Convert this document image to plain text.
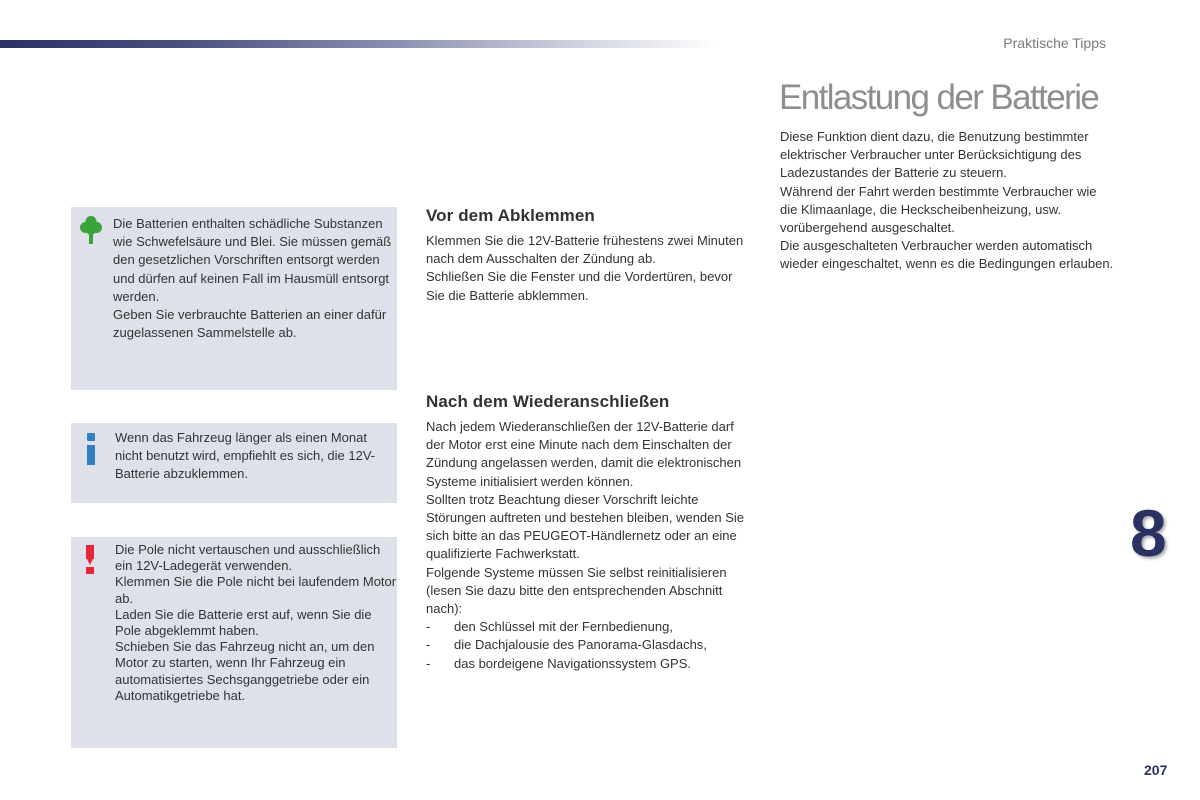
Praktische Tipps
Entlastung der Batterie

Diese Funktion dient dazu, die Benutzung bestimmter elektrischer Verbraucher unter Berücksichtigung des Ladezustandes der Batterie zu steuern.

Während der Fahrt werden bestimmte Verbraucher wie die Klimaanlage, die Heckscheibenheizung, usw. vorübergehend ausgeschaltet.

Die ausgeschalteten Verbraucher werden automatisch wieder eingeschaltet, wenn es die Bedingungen erlauben.

Die Batterien enthalten schädliche Substanzen wie Schwefelsäure und Blei. Sie müssen gemäß den gesetzlichen Vorschriften entsorgt werden und dürfen auf keinen Fall im Hausmüll entsorgt werden.

Geben Sie verbrauchte Batterien an einer dafür zugelassenen Sammelstelle ab.

Wenn das Fahrzeug länger als einen Monat nicht benutzt wird, empfiehlt es sich, die 12V-Batterie abzuklemmen.

Die Pole nicht vertauschen und ausschließlich ein 12V-Ladegerät verwenden.

Klemmen Sie die Pole nicht bei laufendem Motor ab.

Laden Sie die Batterie erst auf, wenn Sie die Pole abgeklemmt haben.

Schieben Sie das Fahrzeug nicht an, um den Motor zu starten, wenn Ihr Fahrzeug ein automatisiertes Sechsganggetriebe oder ein Automatikgetriebe hat.

Vor dem Abklemmen

Klemmen Sie die 12V-Batterie frühestens zwei Minuten nach dem Ausschalten der Zündung ab.

Schließen Sie die Fenster und die Vordertüren, bevor Sie die Batterie abklemmen.

Nach dem Wiederanschließen

Nach jedem Wiederanschließen der 12V-Batterie darf der Motor erst eine Minute nach dem Einschalten der Zündung angelassen werden, damit die elektronischen Systeme initialisiert werden können.

Sollten trotz Beachtung dieser Vorschrift leichte Störungen auftreten und bestehen bleiben, wenden Sie sich bitte an das PEUGEOT-Händlernetz oder an eine qualifizierte Fachwerkstatt.

Folgende Systeme müssen Sie selbst reinitialisieren (lesen Sie dazu bitte den entsprechenden Abschnitt nach):

- den Schlüssel mit der Fernbedienung,
- die Dachjalousie des Panorama-Glasdachs,
- das bordeigene Navigationssystem GPS.
8
207
